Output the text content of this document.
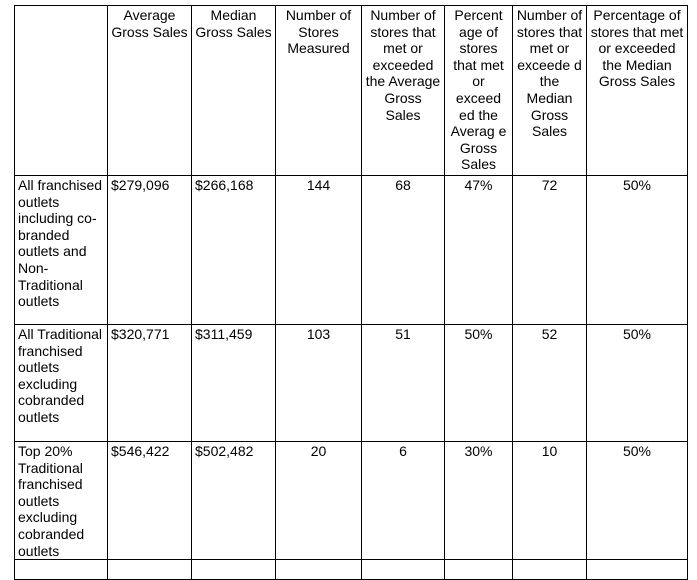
	Average Gross Sales	Median Gross Sales	Number of Stores Measured	Number of stores that met or exceeded the Average Gross Sales	Percent age of stores that met or exceed ed the Averag e Gross Sales	Number of stores that met or exceede d the Median Gross Sales	Percentage of stores that met or exceeded the Median Gross Sales
All franchised outlets including co-branded outlets and Non-Traditional outlets	$279,096	$266,168	144	68	47%	72	50%
All Traditional franchised outlets excluding cobranded outlets	$320,771	$311,459	103	51	50%	52	50%
Top 20% Traditional franchised outlets excluding cobranded outlets	$546,422	$502,482	20	6	30%	10	50%
